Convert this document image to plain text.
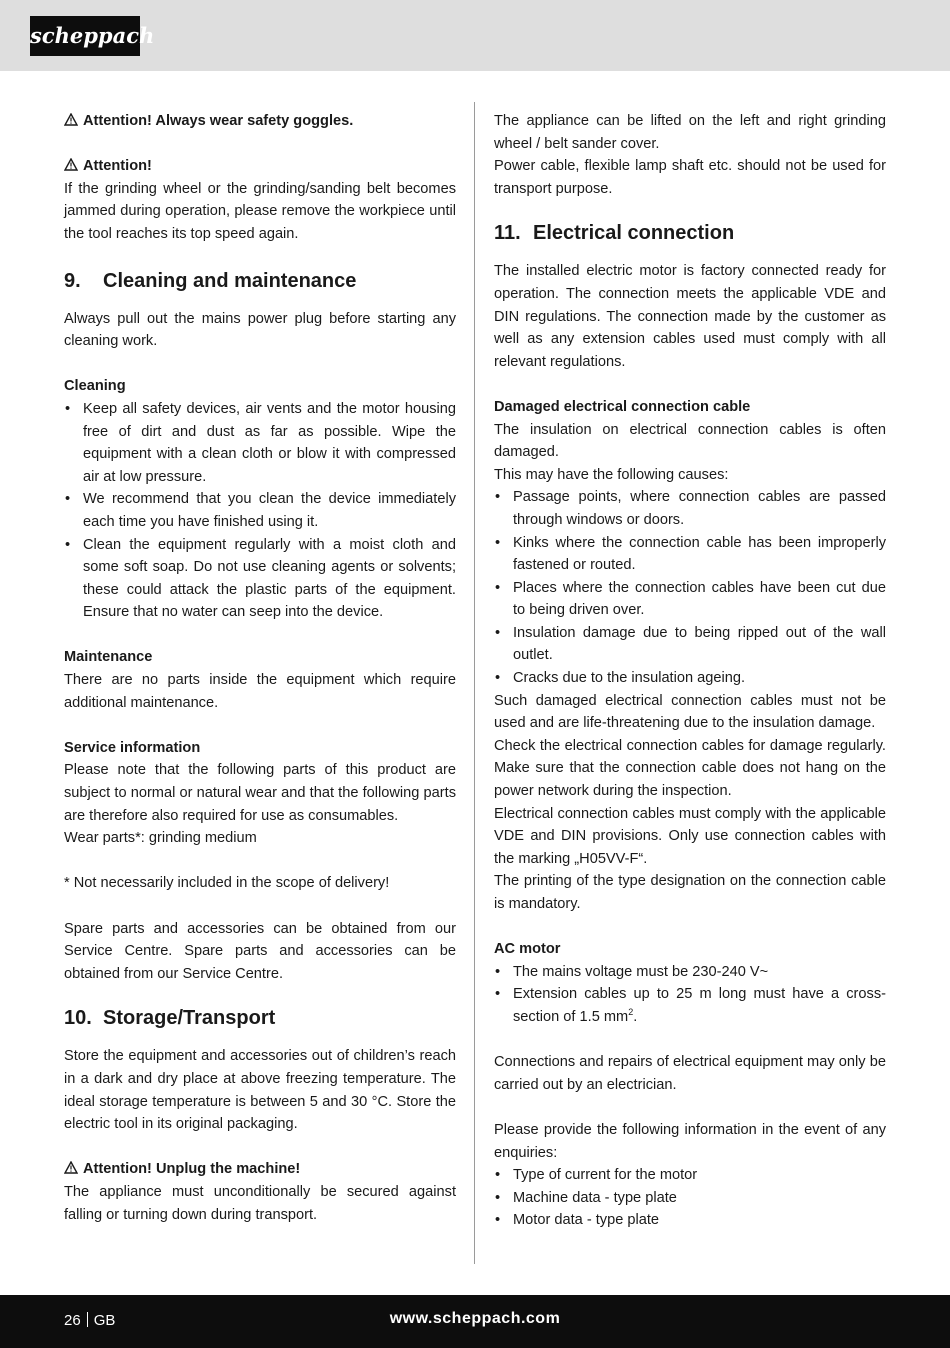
scheppach

Attention! Always wear safety goggles.

Attention!

If the grinding wheel or the grinding/sanding belt becomes jammed during operation, please remove the workpiece until the tool reaches its top speed again.

9.	Cleaning and maintenance

Always pull out the mains power plug before starting any cleaning work.

Cleaning

• Keep all safety devices, air vents and the motor housing free of dirt and dust as far as possible. Wipe the equipment with a clean cloth or blow it with compressed air at low pressure.
• We recommend that you clean the device immediately each time you have finished using it.
• Clean the equipment regularly with a moist cloth and some soft soap. Do not use cleaning agents or solvents; these could attack the plastic parts of the equipment. Ensure that no water can seep into the device.

Maintenance

There are no parts inside the equipment which require additional maintenance.

Service information

Please note that the following parts of this product are subject to normal or natural wear and that the following parts are therefore also required for use as consumables.

Wear parts*: grinding medium

* Not necessarily included in the scope of delivery!

Spare parts and accessories can be obtained from our Service Centre. Spare parts and accessories can be obtained from our Service Centre.

10. Storage/Transport

Store the equipment and accessories out of children’s reach in a dark and dry place at above freezing temperature. The ideal storage temperature is between 5 and 30 °C. Store the electric tool in its original packaging.

Attention! Unplug the machine!

The appliance must unconditionally be secured against falling or turning down during transport.

The appliance can be lifted on the left and right grinding wheel / belt sander cover.

Power cable, flexible lamp shaft etc. should not be used for transport purpose.

11. Electrical connection

The installed electric motor is factory connected ready for operation. The connection meets the applicable VDE and DIN regulations. The connection made by the customer as well as any extension cables used must comply with all relevant regulations.

Damaged electrical connection cable

The insulation on electrical connection cables is often damaged.

This may have the following causes:

• Passage points, where connection cables are passed through windows or doors.
• Kinks where the connection cable has been improperly fastened or routed.
• Places where the connection cables have been cut due to being driven over.
• Insulation damage due to being ripped out of the wall outlet.
• Cracks due to the insulation ageing.

Such damaged electrical connection cables must not be used and are life-threatening due to the insulation damage.

Check the electrical connection cables for damage regularly. Make sure that the connection cable does not hang on the power network during the inspection.

Electrical connection cables must comply with the applicable VDE and DIN provisions. Only use connection cables with the marking „H05VV-F“.

The printing of the type designation on the connection cable is mandatory.

AC motor

• The mains voltage must be 230-240 V~
• Extension cables up to 25 m long must have a cross-section of 1.5 $mm^2$.

Connections and repairs of electrical equipment may only be carried out by an electrician.

Please provide the following information in the event of any enquiries:

• Type of current for the motor
• Machine data - type plate
• Motor data - type plate
26 GB	www.scheppach.com
